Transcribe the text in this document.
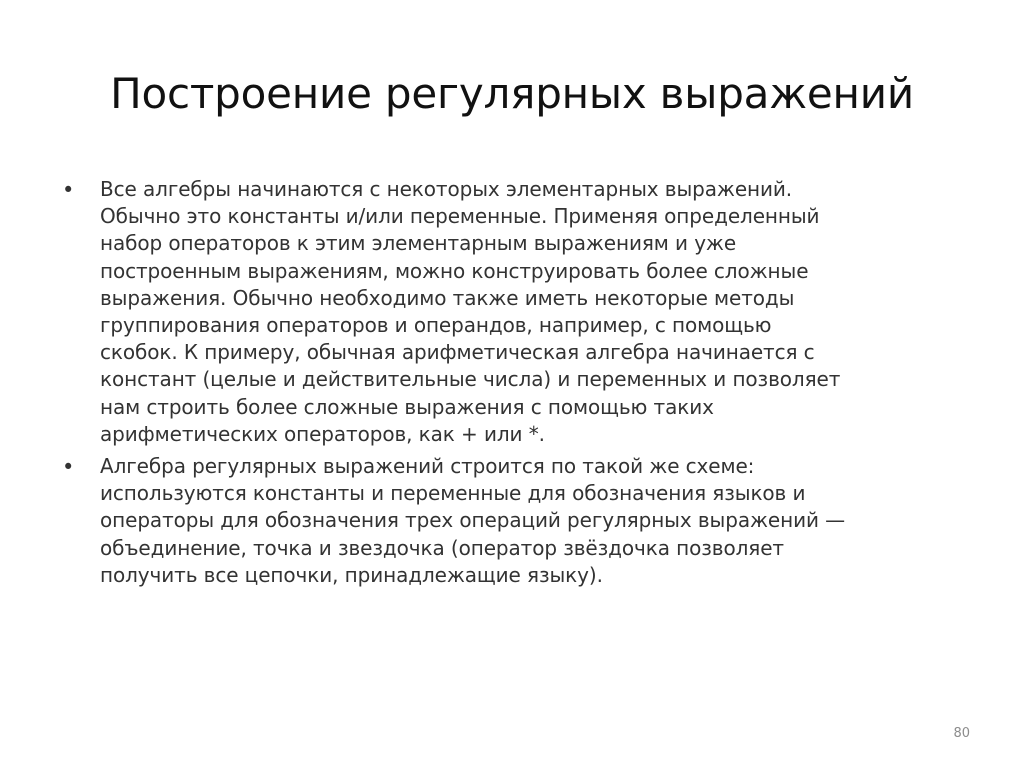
Построение регулярных выражений
• Все алгебры начинаются с некоторых элементарных выражений.
Обычно это константы и/или переменные. Применяя определенный
набор операторов к этим элементарным выражениям и уже
построенным выражениям, можно конструировать более сложные
выражения. Обычно необходимо также иметь некоторые методы
группирования операторов и операндов, например, с помощью
скобок. К примеру, обычная арифметическая алгебра начинается с
констант (целые и действительные числа) и переменных и позволяет
нам строить более сложные выражения с помощью таких
арифметических операторов, как + или *.
• Алгебра регулярных выражений строится по такой же схеме:
используются константы и переменные для обозначения языков и
операторы для обозначения трех операций регулярных выражений —
объединение, точка и звездочка (оператор звёздочка позволяет
получить все цепочки, принадлежащие языку).
80
